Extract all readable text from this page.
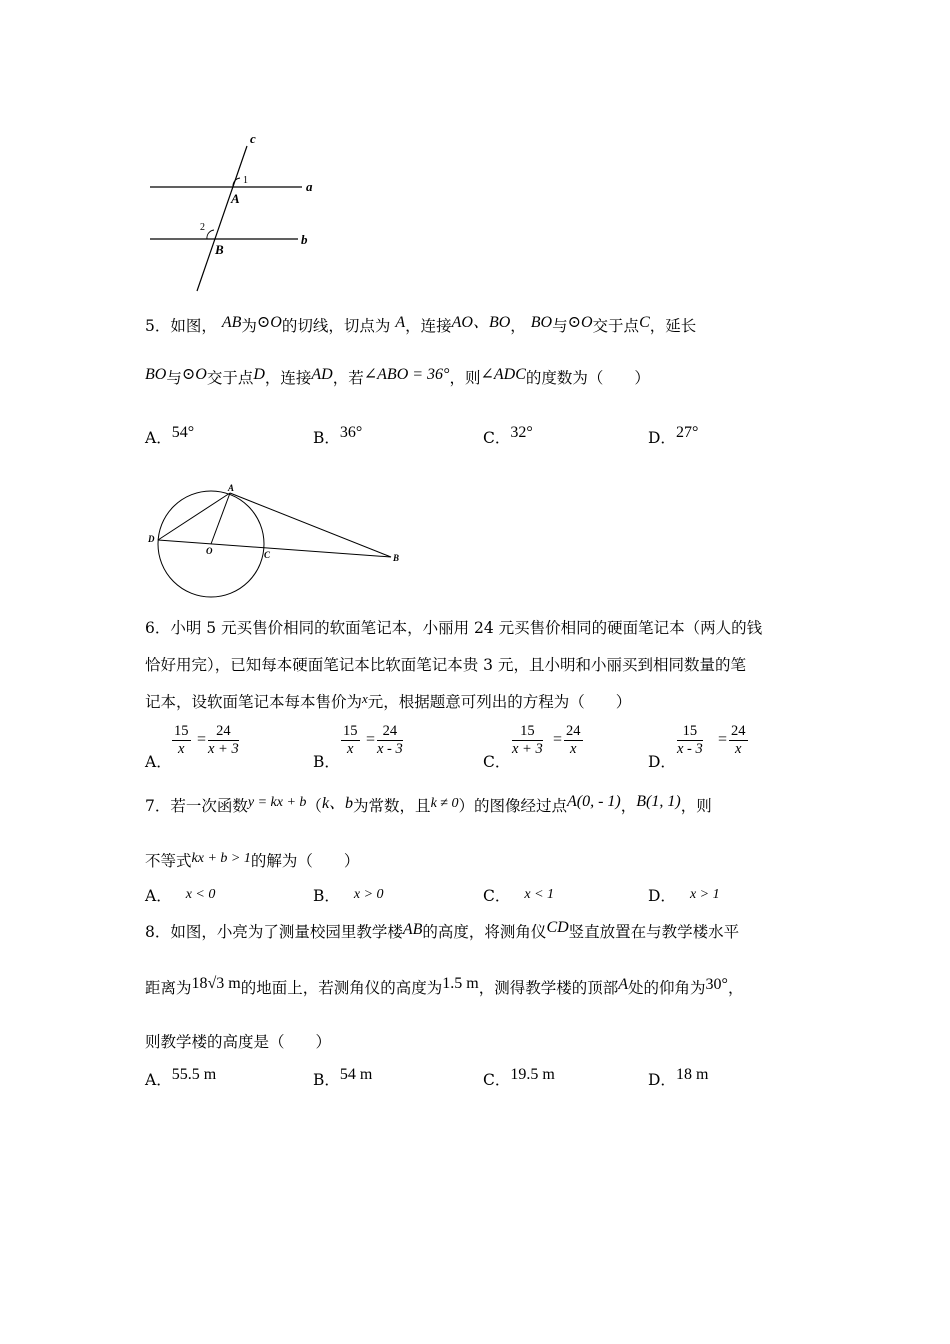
c
a
b
1
2
A
B
5．如图， AB为⊙O的切线，切点为 A，连接AO、BO， BO与⊙O交于点C，延长
BO与⊙O交于点D，连接AD，若∠ABO = 36°，则∠ADC的度数为（　　）
A．54°	B．36°	C．32°	D．27°
A
B
C
D
O
6．小明 5 元买售价相同的软面笔记本，小丽用 24 元买售价相同的硬面笔记本（两人的钱
恰好用完），已知每本硬面笔记本比软面笔记本贵 3 元，且小明和小丽买到相同数量的笔
记本，设软面笔记本每本售价为$^x$元，根据题意可列出的方程为（　　）
A．
$\frac{15}{x} = \frac{24}{x + 3}$
B．
$\frac{15}{x} = \frac{24}{x - 3}$
C．
$\frac{15}{x + 3} = \frac{24}{x}$
D．
$\frac{15}{x - 3} = \frac{24}{x}$
7．若一次函数y = kx + b（k、b为常数，且k ≠ 0）的图像经过点A(0, - 1)，B(1, 1)，则
不等式kx + b > 1的解为（　　）
A． x < 0	B． x > 0	C． x < 1	D． x > 1
8．如图，小亮为了测量校园里教学楼AB的高度，将测角仪CD竖直放置在与教学楼水平
距离为18√3 m的地面上，若测角仪的高度为1.5 m，测得教学楼的顶部A处的仰角为30°，
则教学楼的高度是（　　）
A．55.5 m	B．54 m	C．19.5 m	D．18 m
